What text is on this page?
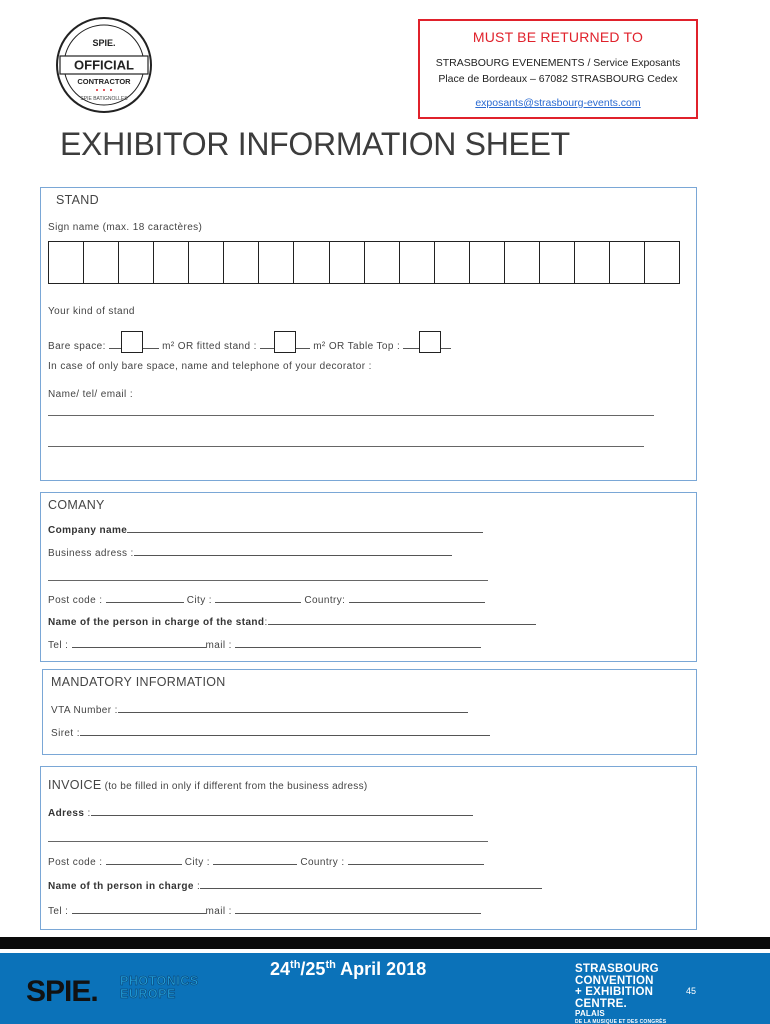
SPIE.
OFFICIAL
CONTRACTOR
SPIE BATIGNOLLES
MUST BE RETURNED TO
STRASBOURG EVENEMENTS / Service Exposants
Place de Bordeaux – 67082 STRASBOURG Cedex
exposants@strasbourg-events.com
EXHIBITOR INFORMATION SHEET
STAND
Sign name (max. 18 caractères)
Your kind of stand
Bare space:	m² OR fitted stand :	m² OR Table Top :
In case of only bare space, name and telephone of your decorator :
Name/ tel/ email :
COMANY
Company name
Business adress :
Post code :	City :	Country:
Name of the person in charge of the stand:
Tel :	mail :
MANDATORY INFORMATION
VTA Number :
Siret :
INVOICE (to be filled in only if different from the business adress)
Adress :
Post code :	City :	Country :
Name of th person in charge :
Tel :	mail :
SPIE. PHOTONICS
EUROPE
24th/25th April 2018	STRASBOURG
CONVENTION
+ EXHIBITION
CENTRE.
PALAIS
DE LA MUSIQUE ET DES CONGRÈS
45
